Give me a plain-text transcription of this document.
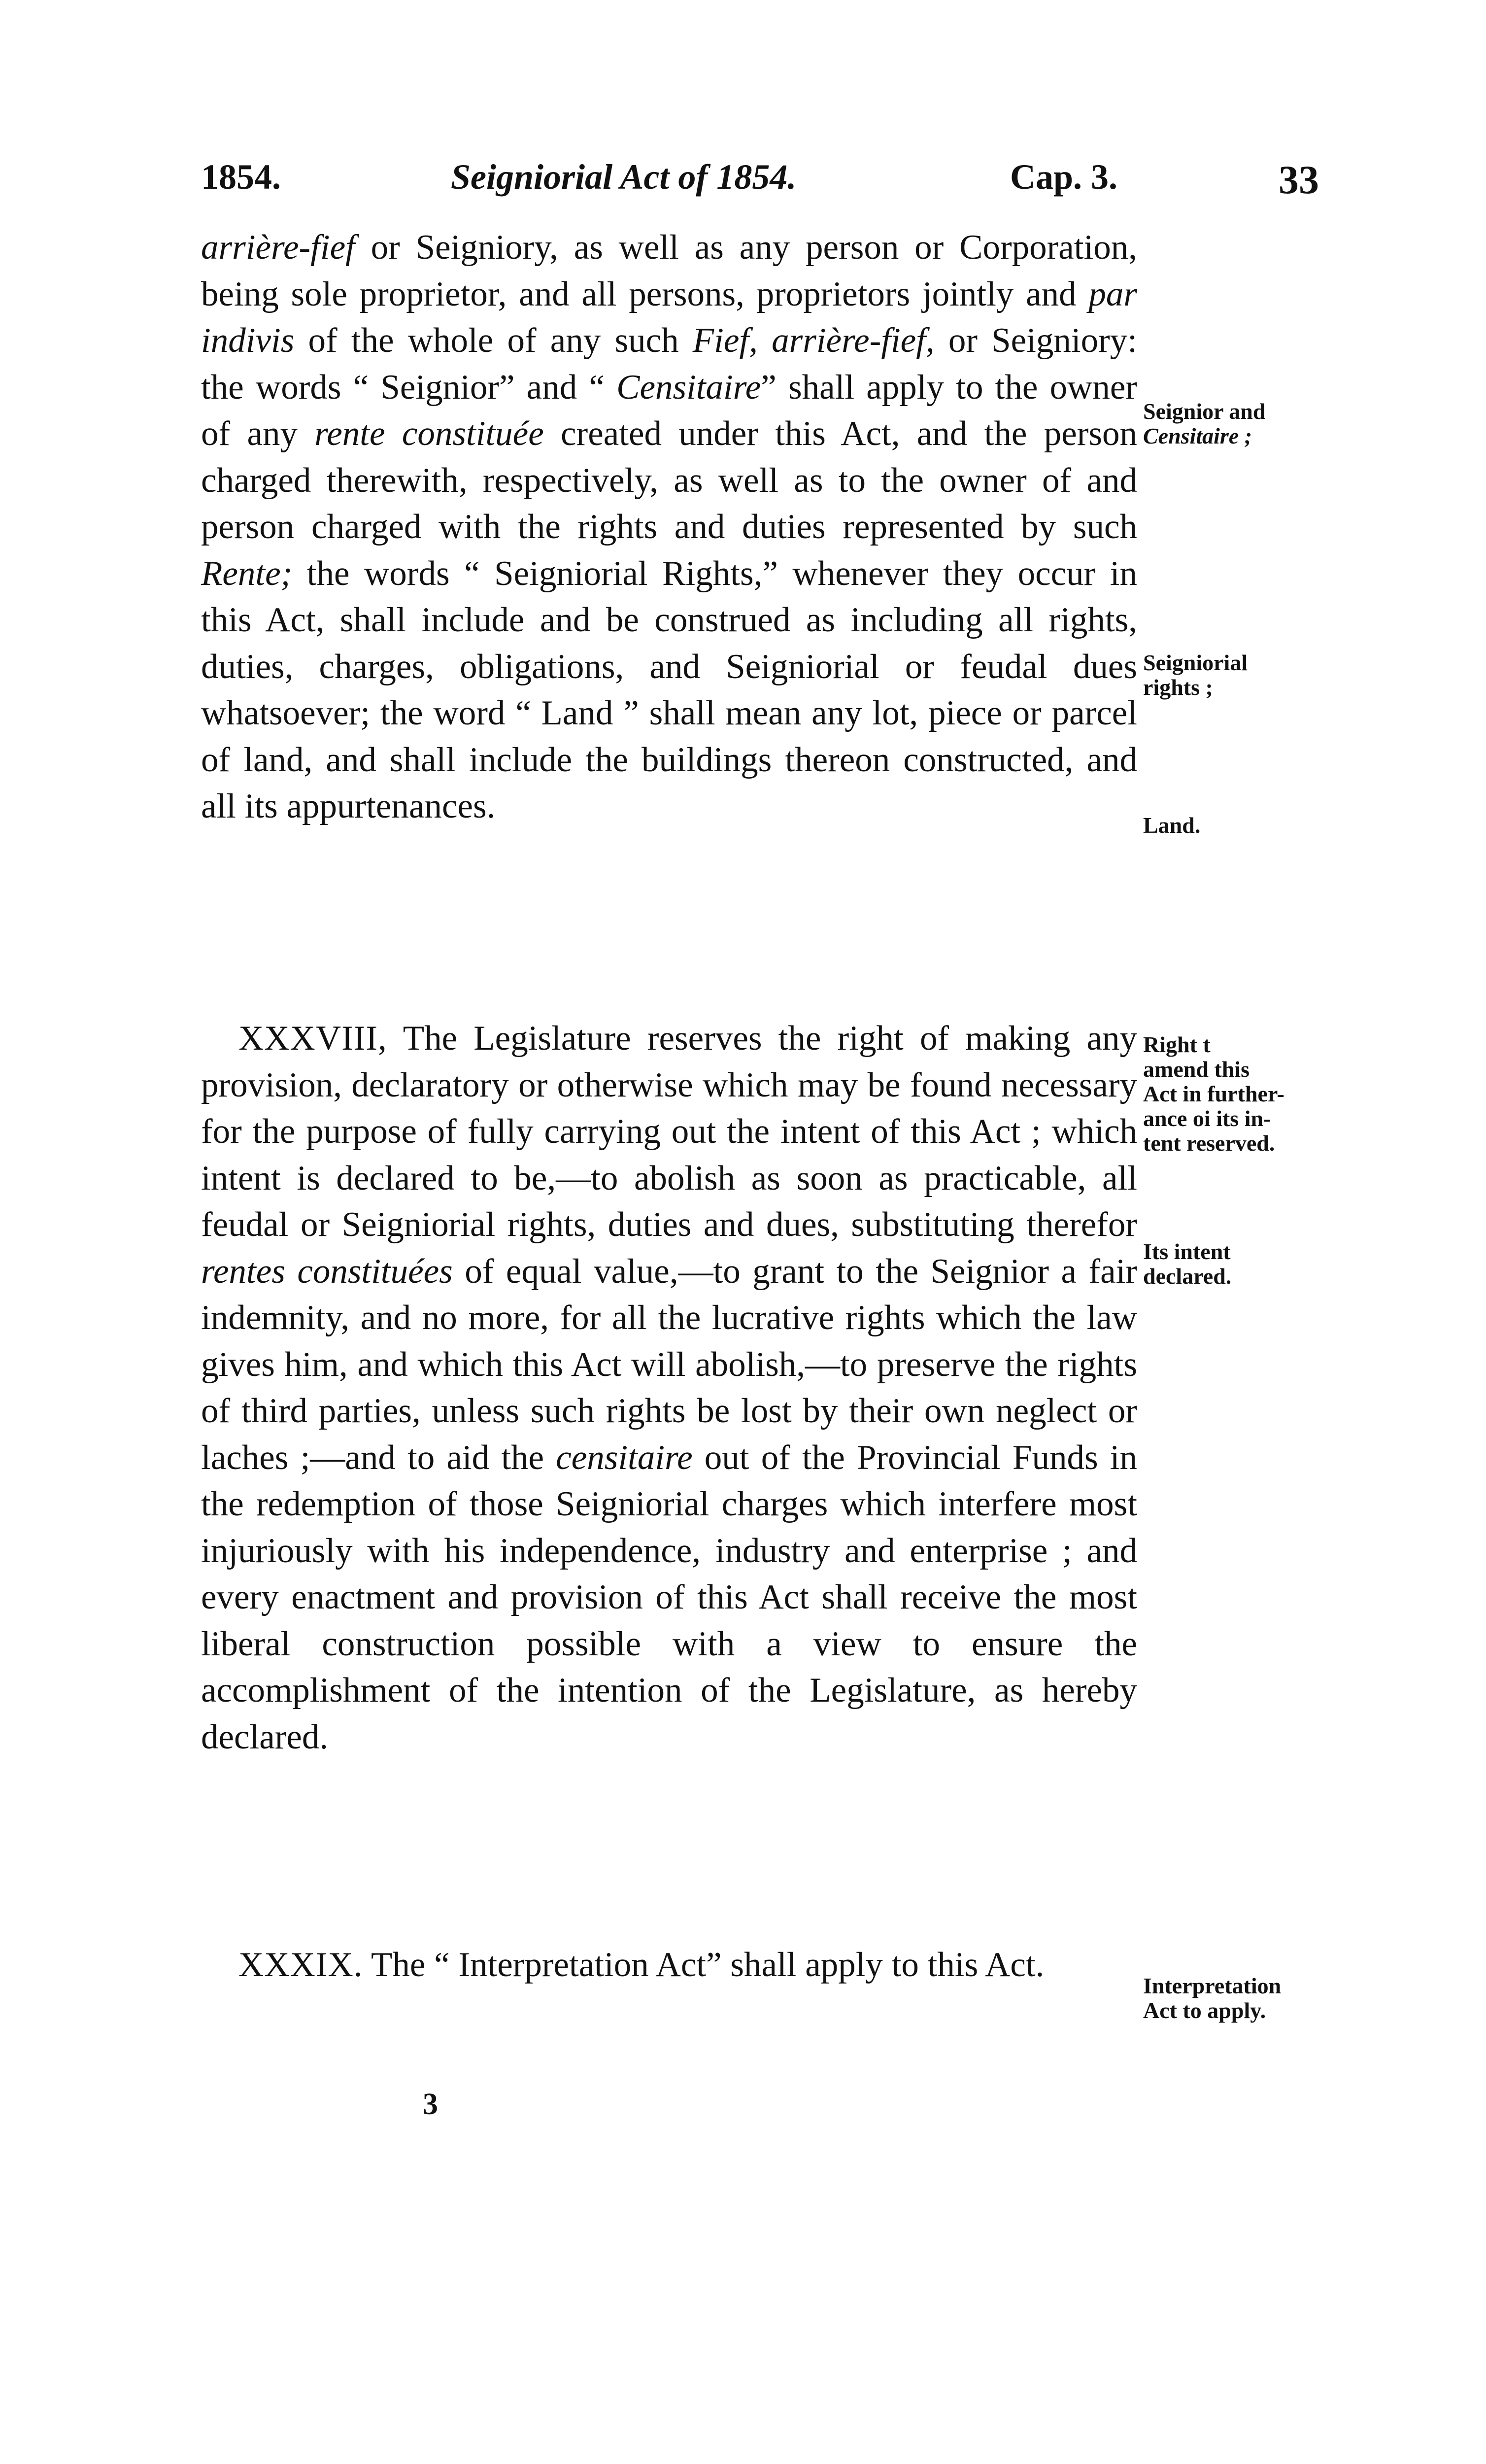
1854.	Seigniorial Act of 1854.	Cap. 3.	33

arrière-fief or Seigniory, as well as any person or Corporation, being sole proprietor, and all persons, proprietors jointly and par indivis of the whole of any such Fief, arrière-fief, or Seigniory: the words “ Seignior” and “ Censitaire” shall apply to the owner of any rente constituée created under this Act, and the person charged therewith, respectively, as well as to the owner of and person charged with the rights and duties represented by such Rente; the words “ Seigniorial Rights,” whenever they occur in this Act, shall include and be construed as including all rights, duties, charges, obligations, and Seigniorial or feudal dues whatsoever; the word “ Land ” shall mean any lot, piece or parcel of land, and shall include the buildings thereon constructed, and all its appurtenances.

XXXVIII, The Legislature reserves the right of making any provision, declaratory or otherwise which may be found necessary for the purpose of fully carrying out the intent of this Act ; which intent is declared to be,—to abolish as soon as practicable, all feudal or Seigniorial rights, duties and dues, substituting therefor rentes constituées of equal value,—to grant to the Seignior a fair indemnity, and no more, for all the lucrative rights which the law gives him, and which this Act will abolish,—to preserve the rights of third parties, unless such rights be lost by their own neglect or laches ;—and to aid the censitaire out of the Provincial Funds in the redemption of those Seigniorial charges which interfere most injuriously with his independence, industry and enterprise ; and every enactment and provision of this Act shall receive the most liberal construction possible with a view to ensure the accomplishment of the intention of the Legislature, as hereby declared.

XXXIX. The “ Interpretation Act” shall apply to this Act.

Seignior and
Censitaire ;
Seigniorial
rights ;
Land.
Right t
amend this
Act in further-
ance oi its in-
tent reserved.
Its intent
declared.
Interpretation
Act to apply.
3
